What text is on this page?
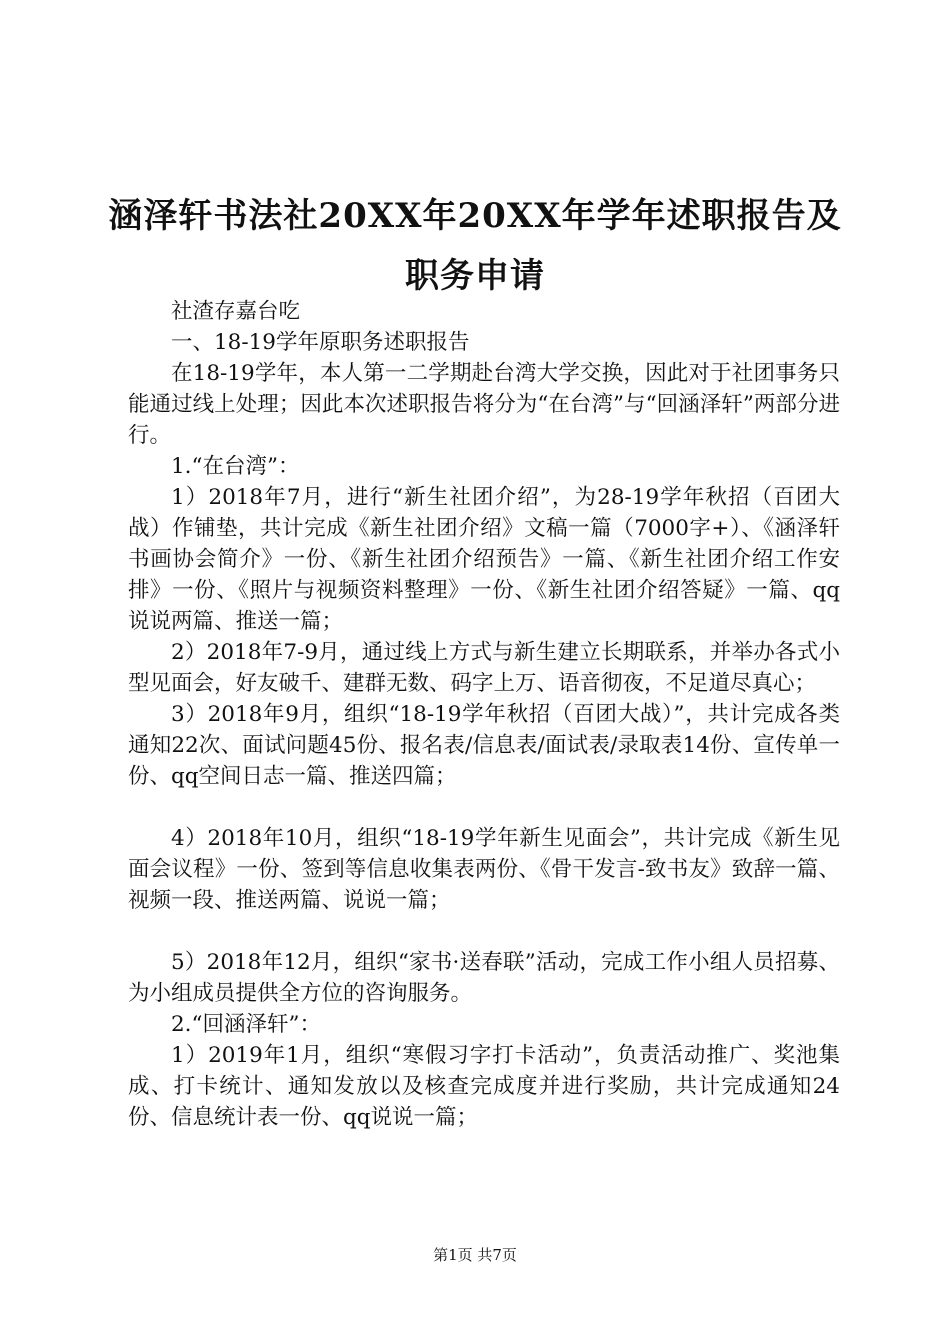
涵泽轩书法社20XX年20XX年学年述职报告及
职务申请

社渣存嘉台吃

一、18-19学年原职务述职报告

在18-19学年，本人第一二学期赴台湾大学交换，因此对于社团事务只能通过线上处理；因此本次述职报告将分为“在台湾”与“回涵泽轩”两部分进行。

1.“在台湾”：

1）2018年7月，进行“新生社团介绍”，为28-19学年秋招（百团大战）作铺垫，共计完成《新生社团介绍》文稿一篇（7000字+）、《涵泽轩书画协会简介》一份、《新生社团介绍预告》一篇、《新生社团介绍工作安排》一份、《照片与视频资料整理》一份、《新生社团介绍答疑》一篇、qq说说两篇、推送一篇；

2）2018年7-9月，通过线上方式与新生建立长期联系，并举办各式小型见面会，好友破千、建群无数、码字上万、语音彻夜，不足道尽真心；

3）2018年9月，组织“18-19学年秋招（百团大战）”，共计完成各类通知22次、面试问题45份、报名表/信息表/面试表/录取表14份、宣传单一份、qq空间日志一篇、推送四篇；

4）2018年10月，组织“18-19学年新生见面会”，共计完成《新生见面会议程》一份、签到等信息收集表两份、《骨干发言-致书友》致辞一篇、视频一段、推送两篇、说说一篇；

5）2018年12月，组织“家书·送春联”活动，完成工作小组人员招募、为小组成员提供全方位的咨询服务。

2.“回涵泽轩”：

1）2019年1月，组织“寒假习字打卡活动”，负责活动推广、奖池集成、打卡统计、通知发放以及核查完成度并进行奖励，共计完成通知24份、信息统计表一份、qq说说一篇；

第1页 共7页
